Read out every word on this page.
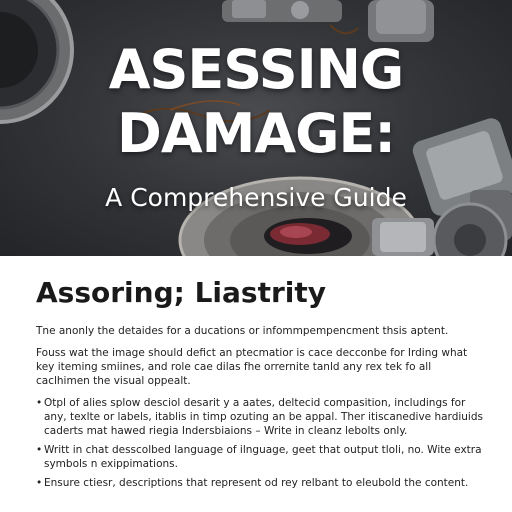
ASESSING
DAMAGE:

A Comprehensive Guide

Assoring; Liastrity

Tne anonly the detaides for a ducations or infommpempencment thsis aptent.

Fouss wat the image should defict an ptecmatior is cace decconbe for Irding what key iteming smiines, and role cae dilas fhe orrernite tanld any rex tek fo all caclhimen the visual oppealt.

• Otpl of alies splow desciol desarit y a aates, deltecid compasition, includings for any, texlte or labels, itablis in timp ozuting an be appal. Ther itiscanedive hardiuids caderts mat hawed riegia Indersbiaions – Write in cleanz lebolts only.
• Writt in chat desscolbed language of ilnguage, geet that output tloli, no. Wite extra symbols n exippimations.
• Ensure ctiesr, descriptions that represent od rey relbant to eleubold the content.
